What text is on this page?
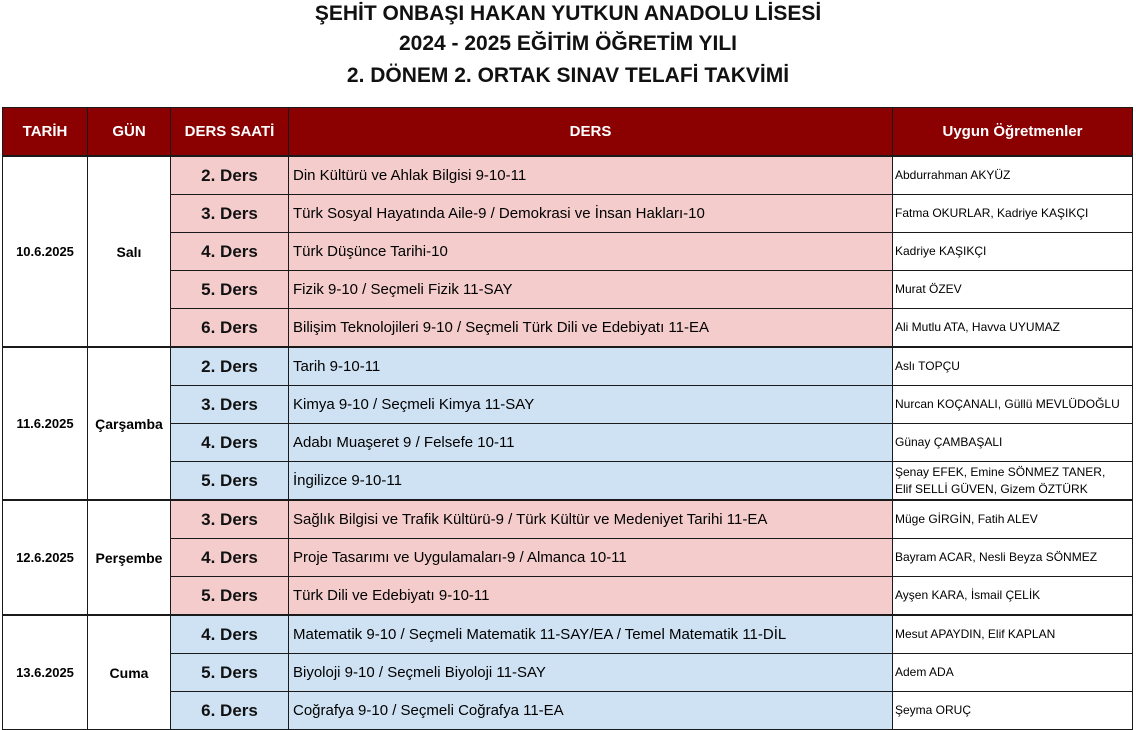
ŞEHİT ONBAŞI HAKAN YUTKUN ANADOLU LİSESİ
2024 - 2025 EĞİTİM ÖĞRETİM YILI
2. DÖNEM 2. ORTAK SINAV TELAFİ TAKVİMİ
TARİH	GÜN	DERS SAATİ	DERS	Uygun Öğretmenler
10.6.2025	Salı	2. Ders	Din Kültürü ve Ahlak Bilgisi 9-10-11	Abdurrahman AKYÜZ

		3. Ders	Türk Sosyal Hayatında Aile-9 / Demokrasi ve İnsan Hakları-10	Fatma OKURLAR, Kadriye KAŞIKÇI

		4. Ders	Türk Düşünce Tarihi-10	Kadriye KAŞIKÇI

		5. Ders	Fizik 9-10 / Seçmeli Fizik 11-SAY	Murat ÖZEV

		6. Ders	Bilişim Teknolojileri 9-10 / Seçmeli Türk Dili ve Edebiyatı 11-EA	Ali Mutlu ATA, Havva UYUMAZ

11.6.2025	Çarşamba	2. Ders	Tarih 9-10-11	Aslı TOPÇU

		3. Ders	Kimya 9-10 / Seçmeli Kimya 11-SAY	Nurcan KOÇANALI, Güllü MEVLÜDOĞLU

		4. Ders	Adabı Muaşeret 9 / Felsefe 10-11	Günay ÇAMBAŞALI

		5. Ders	İngilizce 9-10-11	Şenay EFEK, Emine SÖNMEZ TANER,
Elif SELLİ GÜVEN, Gizem ÖZTÜRK

12.6.2025	Perşembe	3. Ders	Sağlık Bilgisi ve Trafik Kültürü-9 / Türk Kültür ve Medeniyet Tarihi 11-EA	Müge GİRGİN, Fatih ALEV

		4. Ders	Proje Tasarımı ve Uygulamaları-9 / Almanca 10-11	Bayram ACAR, Nesli Beyza SÖNMEZ

		5. Ders	Türk Dili ve Edebiyatı 9-10-11	Ayşen KARA, İsmail ÇELİK

13.6.2025	Cuma	4. Ders	Matematik 9-10 / Seçmeli Matematik 11-SAY/EA / Temel Matematik 11-DİL	Mesut APAYDIN, Elif KAPLAN

		5. Ders	Biyoloji 9-10 / Seçmeli Biyoloji 11-SAY	Adem ADA

		6. Ders	Coğrafya 9-10 / Seçmeli Coğrafya 11-EA	Şeyma ORUÇ
